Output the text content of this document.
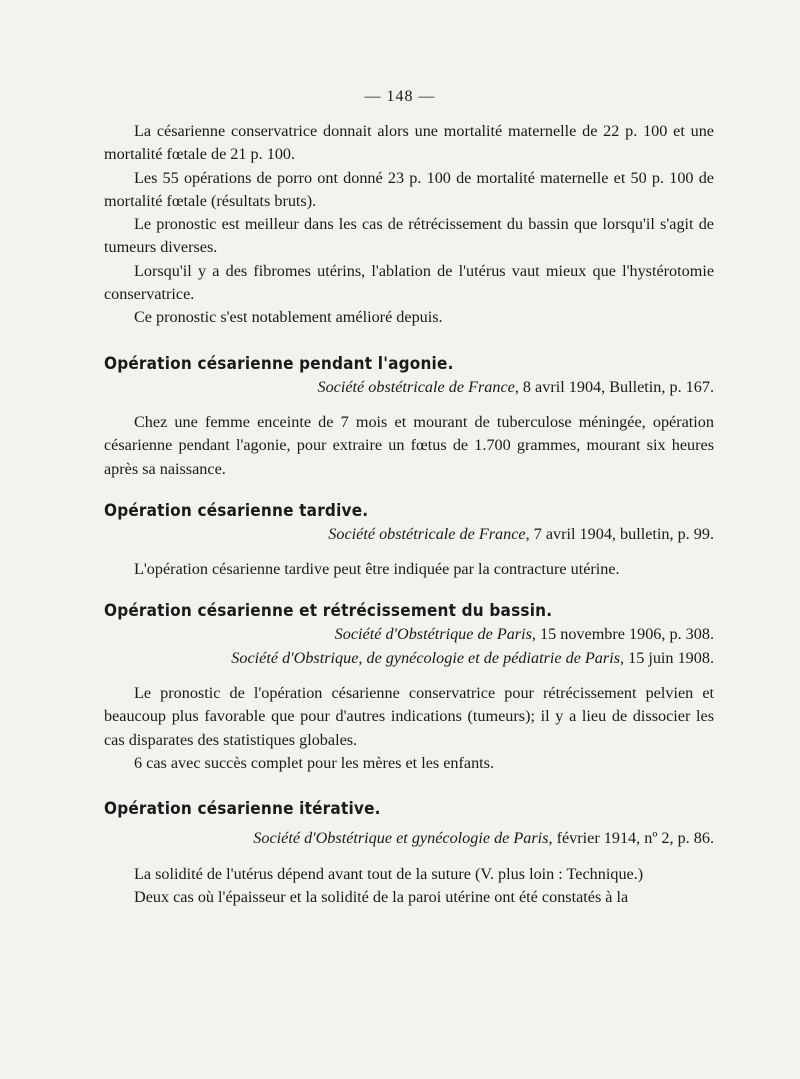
— 148 —

La césarienne conservatrice donnait alors une mortalité maternelle de 22 p. 100 et une mortalité fœtale de 21 p. 100.

Les 55 opérations de porro ont donné 23 p. 100 de mortalité maternelle et 50 p. 100 de mortalité fœtale (résultats bruts).

Le pronostic est meilleur dans les cas de rétrécissement du bassin que lorsqu'il s'agit de tumeurs diverses.

Lorsqu'il y a des fibromes utérins, l'ablation de l'utérus vaut mieux que l'hystérotomie conservatrice.

Ce pronostic s'est notablement amélioré depuis.

Opération césarienne pendant l'agonie.

Société obstétricale de France, 8 avril 1904, Bulletin, p. 167.

Chez une femme enceinte de 7 mois et mourant de tuberculose méningée, opération césarienne pendant l'agonie, pour extraire un fœtus de 1.700 grammes, mourant six heures après sa naissance.

Opération césarienne tardive.

Société obstétricale de France, 7 avril 1904, bulletin, p. 99.

L'opération césarienne tardive peut être indiquée par la contracture utérine.

Opération césarienne et rétrécissement du bassin.

Société d'Obstétrique de Paris, 15 novembre 1906, p. 308.

Société d'Obstrique, de gynécologie et de pédiatrie de Paris, 15 juin 1908.

Le pronostic de l'opération césarienne conservatrice pour rétrécissement pelvien et beaucoup plus favorable que pour d'autres indications (tumeurs); il y a lieu de dissocier les cas disparates des statistiques globales.

6 cas avec succès complet pour les mères et les enfants.

Opération césarienne itérative.

Société d'Obstétrique et gynécologie de Paris, février 1914, nº 2, p. 86.

La solidité de l'utérus dépend avant tout de la suture (V. plus loin : Technique.)

Deux cas où l'épaisseur et la solidité de la paroi utérine ont été constatés à la
